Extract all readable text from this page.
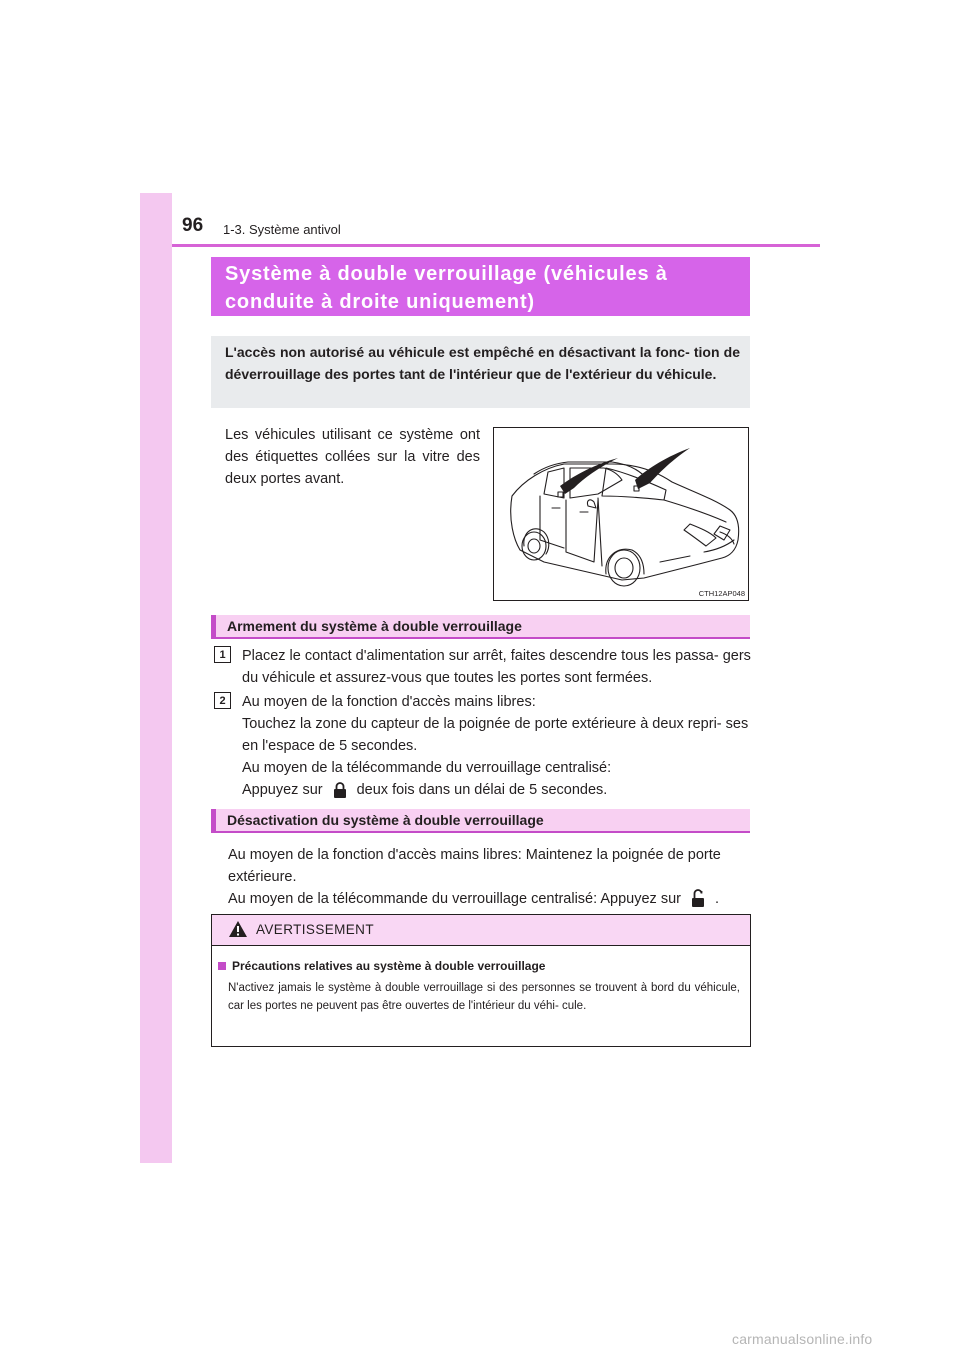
96 1-3. Système antivol
Système à double verrouillage (véhicules à
conduite à droite uniquement)
L'accès non autorisé au véhicule est empêché en désactivant la fonc- tion de déverrouillage des portes tant de l'intérieur que de l'extérieur du véhicule.
Les véhicules utilisant ce système ont des étiquettes collées sur la vitre des deux portes avant.
CTH12AP048
Armement du système à double verrouillage
1	Placez le contact d'alimentation sur arrêt, faites descendre tous les passa- gers du véhicule et assurez-vous que toutes les portes sont fermées.
2	Au moyen de la fonction d'accès mains libres:

Touchez la zone du capteur de la poignée de porte extérieure à deux repri- ses en l'espace de 5 secondes.

Au moyen de la télécommande du verrouillage centralisé:

Appuyez sur deux fois dans un délai de 5 secondes.

Désactivation du système à double verrouillage

Au moyen de la fonction d'accès mains libres: Maintenez la poignée de porte extérieure.

Au moyen de la télécommande du verrouillage centralisé: Appuyez sur .

AVERTISSEMENT

Précautions relatives au système à double verrouillage

N'activez jamais le système à double verrouillage si des personnes se trouvent à bord du véhicule, car les portes ne peuvent pas être ouvertes de l'intérieur du véhi- cule.

carmanualsonline.info
